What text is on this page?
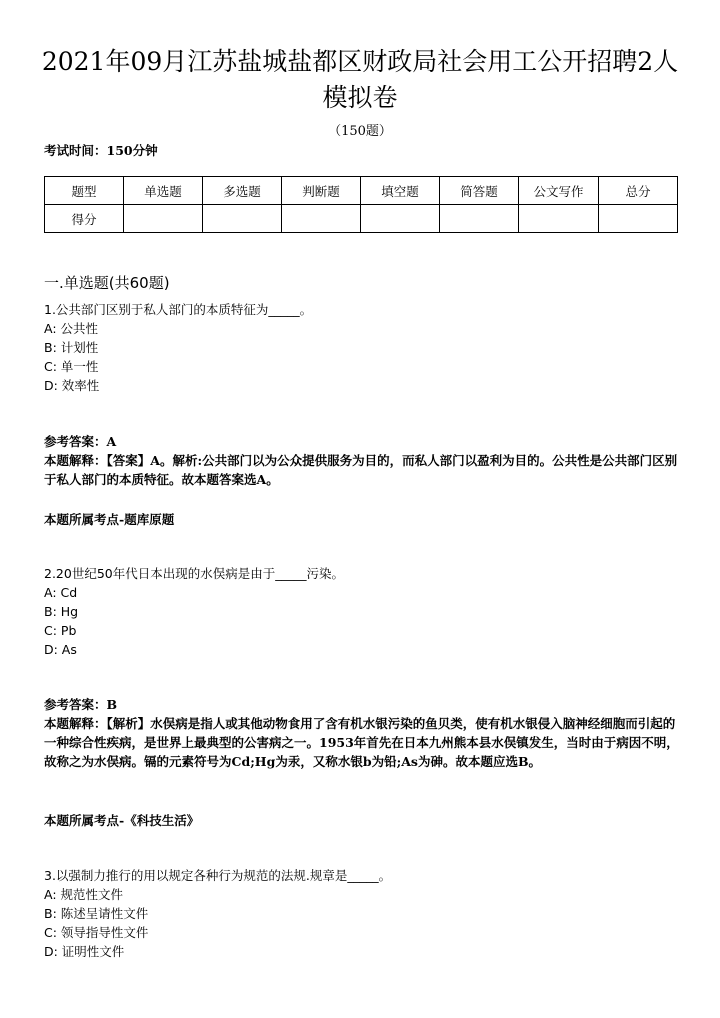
2021年09月江苏盐城盐都区财政局社会用工公开招聘2人模拟卷
（150题）
考试时间：150分钟
题型	单选题	多选题	判断题	填空题	简答题	公文写作	总分
得分							
一.单选题(共60题)

1.公共部门区别于私人部门的本质特征为_____。

A: 公共性

B: 计划性

C: 单一性

D: 效率性

参考答案：A

本题解释：【答案】A。解析:公共部门以为公众提供服务为目的，而私人部门以盈利为目的。公共性是公共部门区别于私人部门的本质特征。故本题答案选A。

本题所属考点-题库原题

2.20世纪50年代日本出现的水俣病是由于_____污染。

A: Cd

B: Hg

C: Pb

D: As

参考答案：B

本题解释：【解析】水俣病是指人或其他动物食用了含有机水银污染的鱼贝类，使有机水银侵入脑神经细胞而引起的一种综合性疾病，是世界上最典型的公害病之一。1953年首先在日本九州熊本县水俣镇发生，当时由于病因不明，故称之为水俣病。镉的元素符号为Cd;Hg为汞，又称水银b为铅;As为砷。故本题应选B。

本题所属考点-《科技生活》

3.以强制力推行的用以规定各种行为规范的法规.规章是_____。

A: 规范性文件

B: 陈述呈请性文件

C: 领导指导性文件

D: 证明性文件
